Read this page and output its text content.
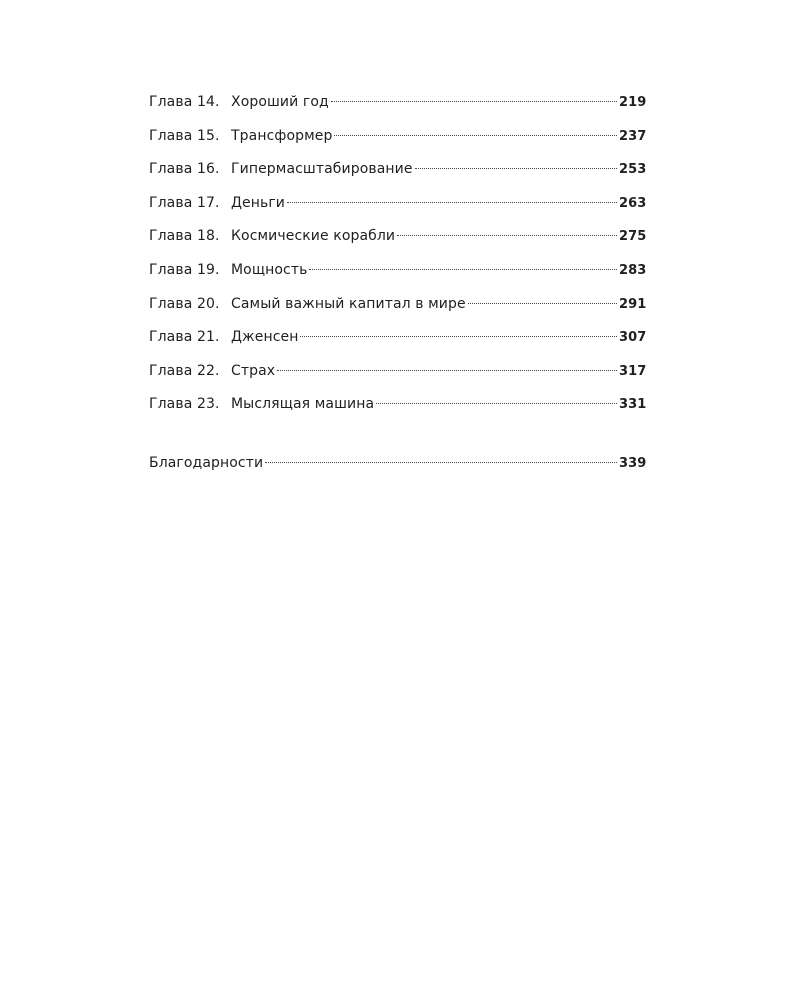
Глава 14. Хороший год	219
Глава 15. Трансформер	237
Глава 16. Гипермасштабирование	253
Глава 17. Деньги	263
Глава 18. Космические корабли	275
Глава 19. Мощность	283
Глава 20. Самый важный капитал в мире	291
Глава 21. Дженсен	307
Глава 22. Страх	317
Глава 23. Мыслящая машина	331
Благодарности	339
